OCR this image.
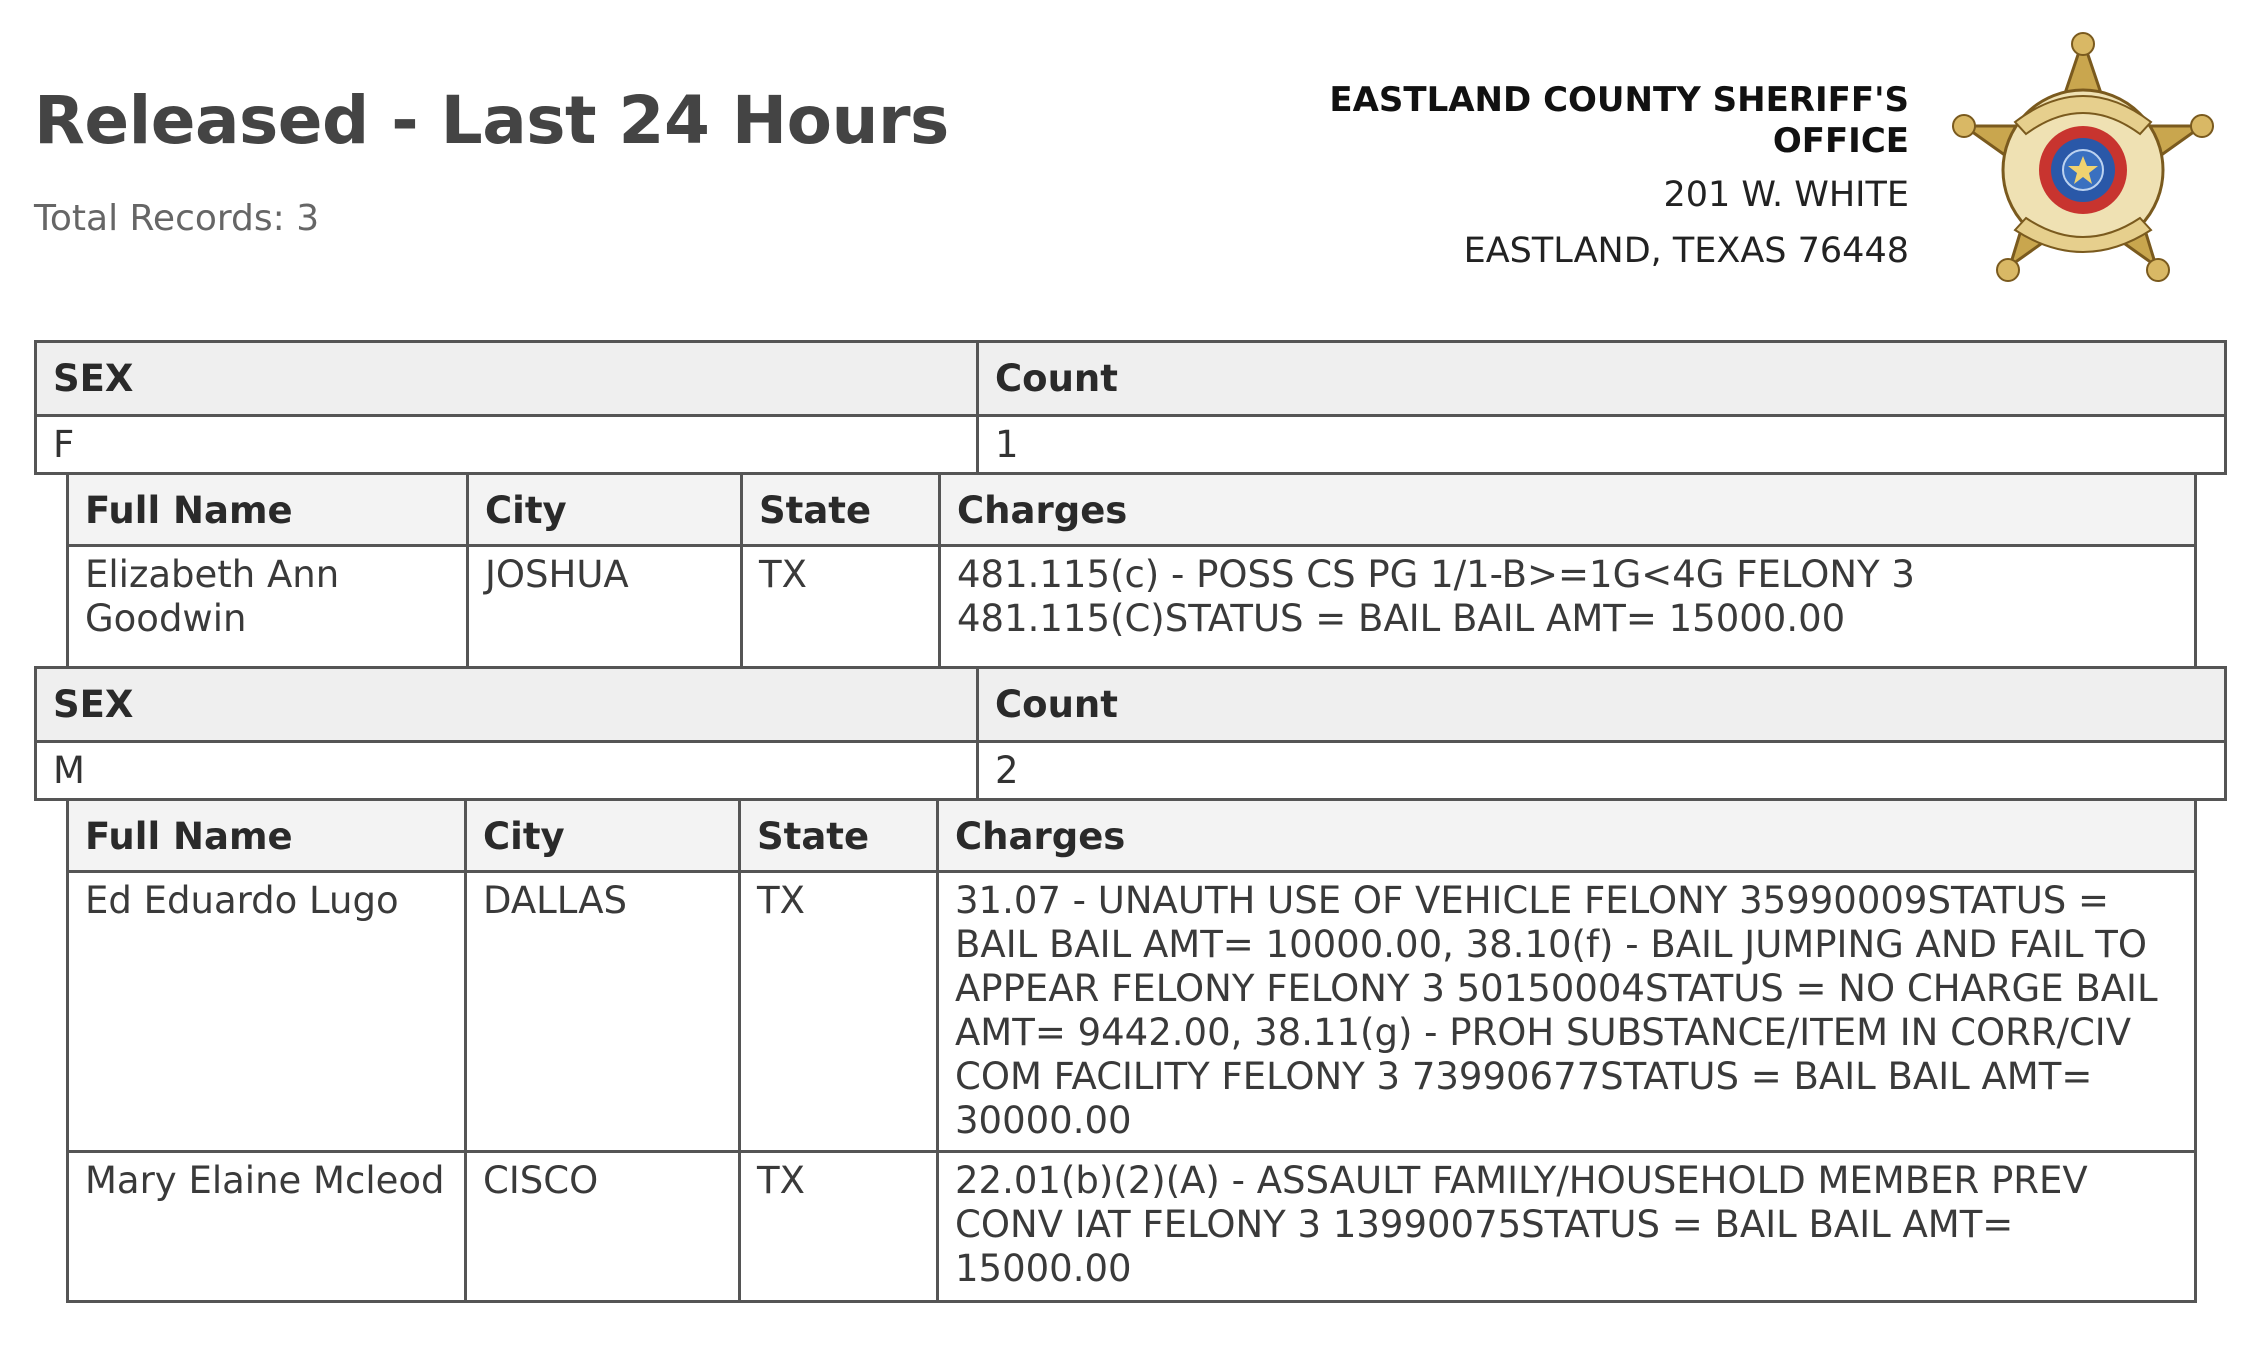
Released - Last 24 Hours
Total Records: 3
EASTLAND COUNTY SHERIFF'S OFFICE
201 W. WHITE
EASTLAND, TEXAS 76448
SEX	Count
F	1
Full Name	City	State	Charges
Elizabeth Ann Goodwin	JOSHUA	TX	481.115(c) - POSS CS PG 1/1-B>=1G<4G FELONY 3 481.115(C)STATUS = BAIL BAIL AMT= 15000.00
SEX	Count
M	2
Full Name	City	State	Charges
Ed Eduardo Lugo	DALLAS	TX	31.07 - UNAUTH USE OF VEHICLE FELONY 35990009STATUS = BAIL BAIL AMT= 10000.00, 38.10(f) - BAIL JUMPING AND FAIL TO APPEAR FELONY FELONY 3 50150004STATUS = NO CHARGE BAIL AMT= 9442.00, 38.11(g) - PROH SUBSTANCE/ITEM IN CORR/CIV COM FACILITY FELONY 3 73990677STATUS = BAIL BAIL AMT= 30000.00
Mary Elaine Mcleod	CISCO	TX	22.01(b)(2)(A) - ASSAULT FAMILY/HOUSEHOLD MEMBER PREV CONV IAT FELONY 3 13990075STATUS = BAIL BAIL AMT= 15000.00
